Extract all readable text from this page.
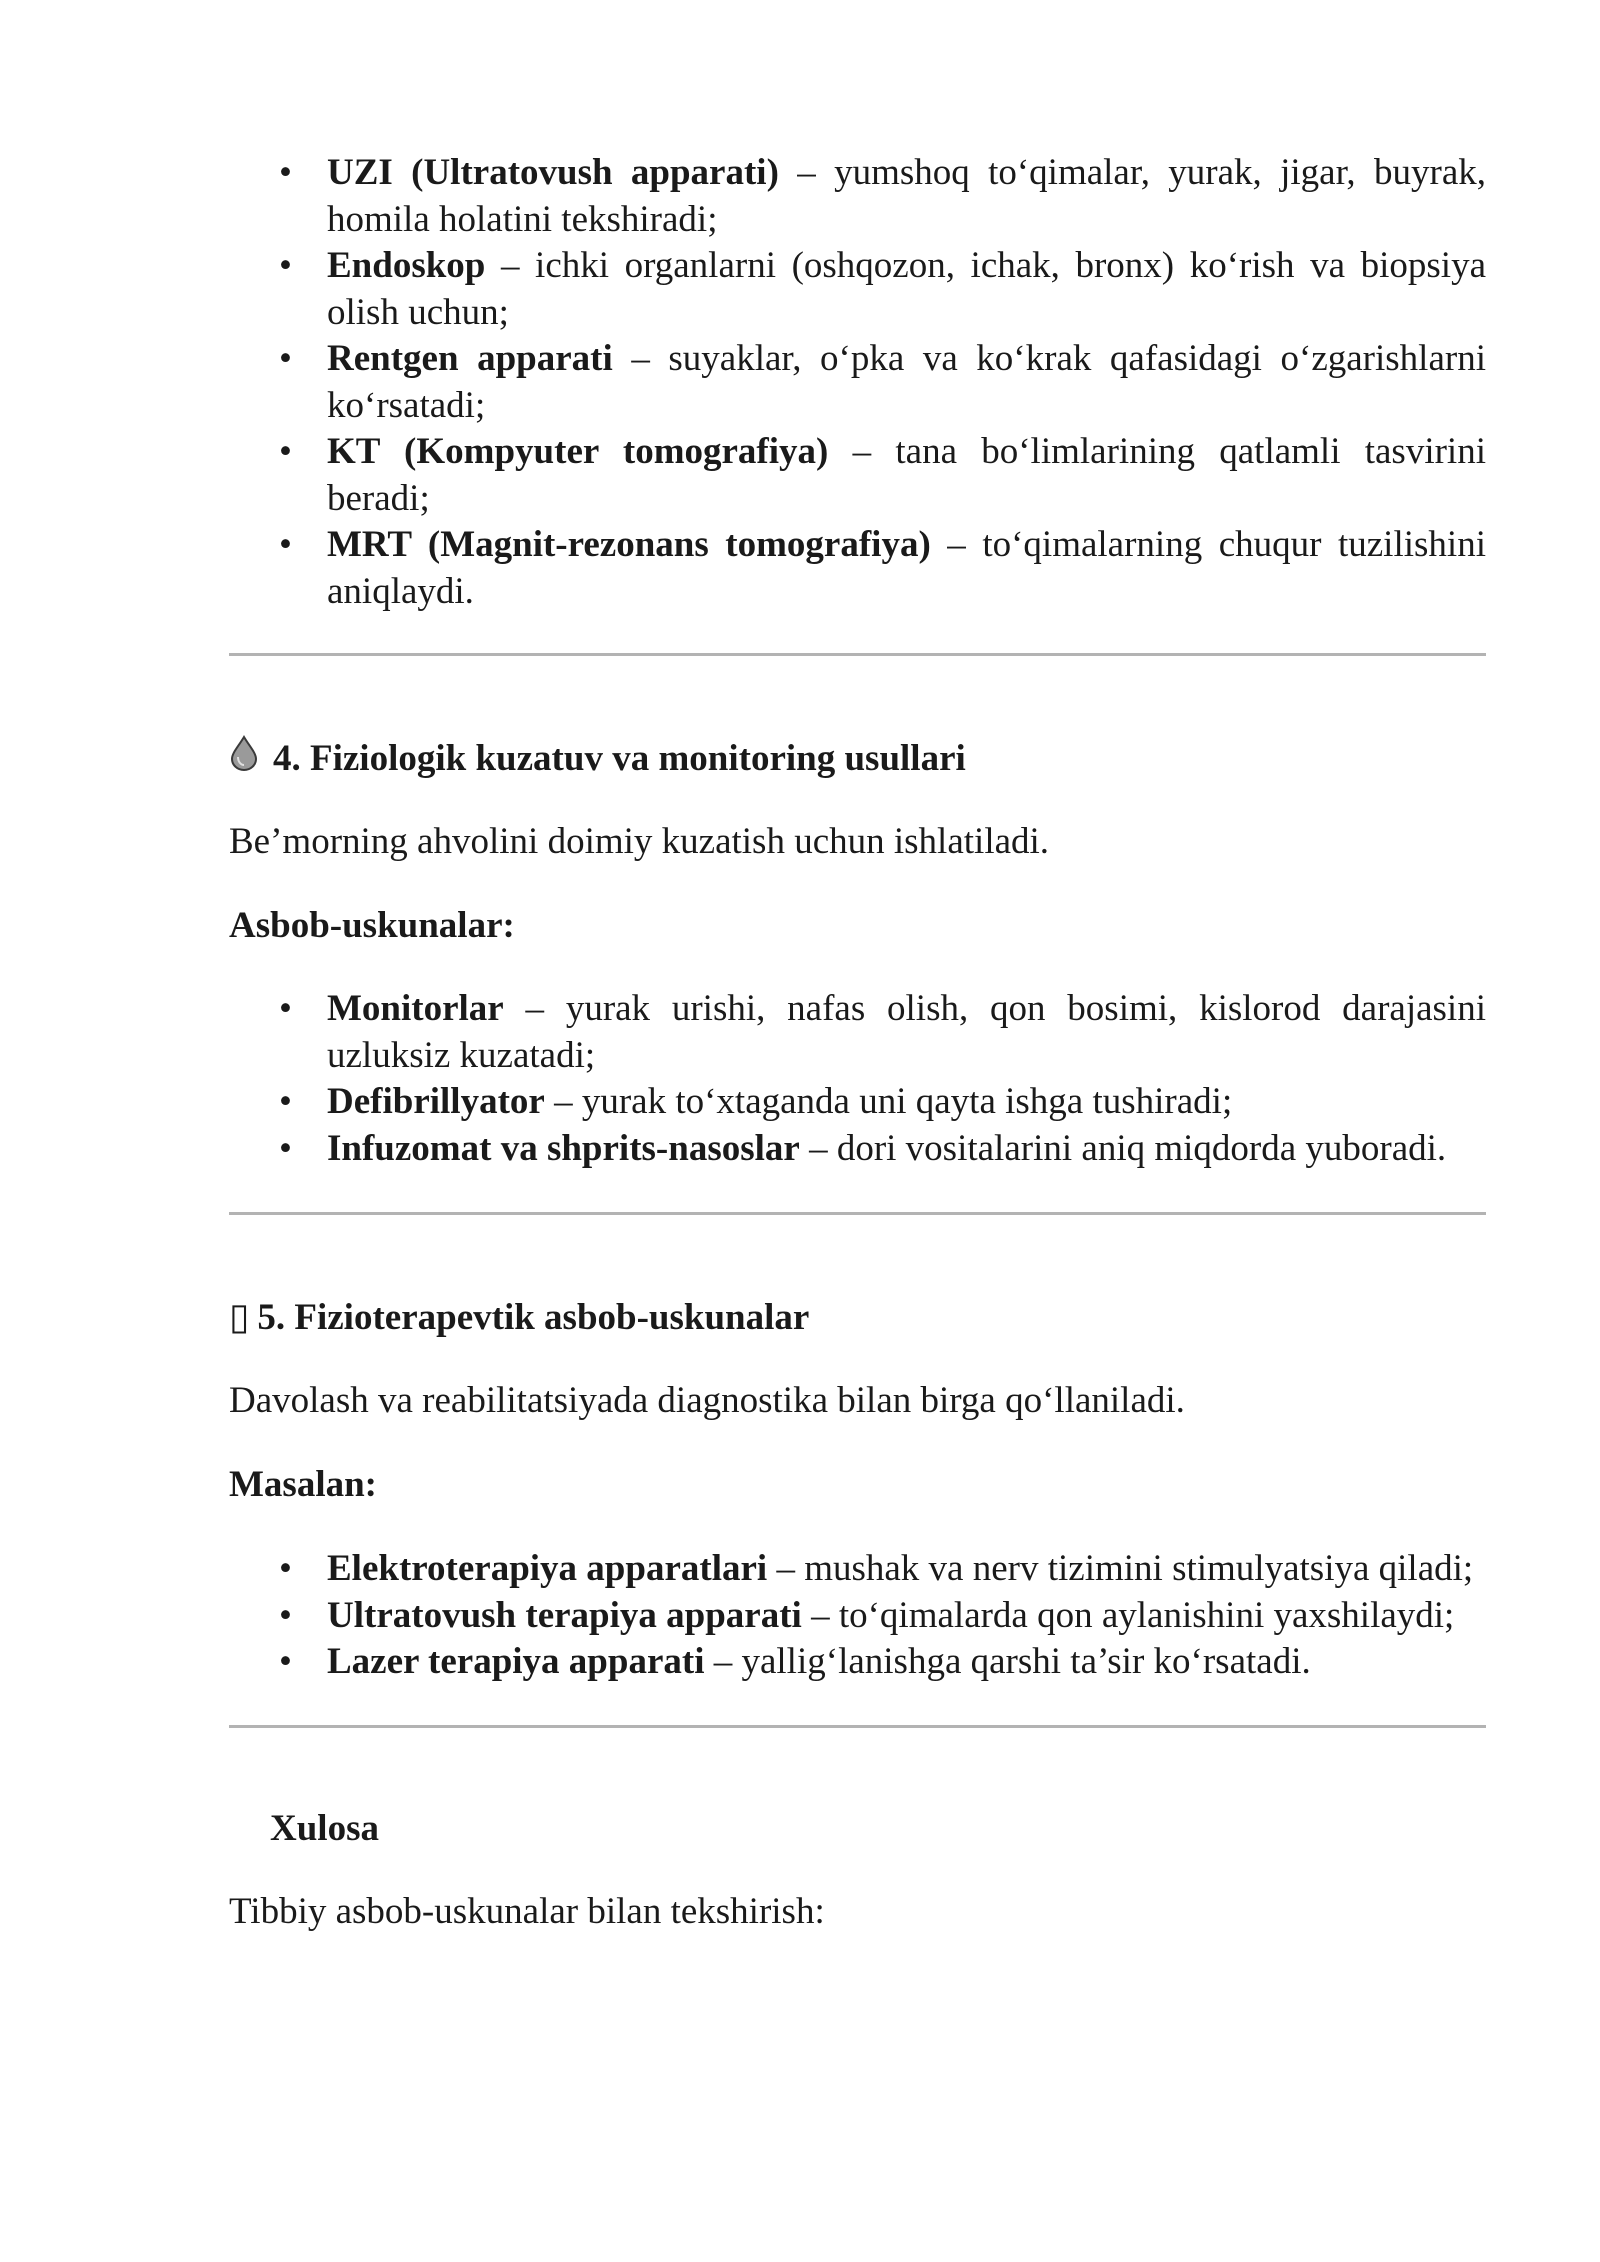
• UZI (Ultratovush apparati) – yumshoq to‘qimalar, yurak, jigar, buyrak, homila holatini tekshiradi;
• Endoskop – ichki organlarni (oshqozon, ichak, bronx) ko‘rish va biopsiya olish uchun;
• Rentgen apparati – suyaklar, o‘pka va ko‘krak qafasidagi o‘zgarishlarni ko‘rsatadi;
• KT (Kompyuter tomografiya) – tana bo‘limlarining qatlamli tasvirini beradi;
• MRT (Magnit-rezonans tomografiya) – to‘qimalarning chuqur tuzilishini aniqlaydi.
4. Fiziologik kuzatuv va monitoring usullari

Be’morning ahvolini doimiy kuzatish uchun ishlatiladi.

Asbob-uskunalar:

• Monitorlar – yurak urishi, nafas olish, qon bosimi, kislorod darajasini uzluksiz kuzatadi;
• Defibrillyator – yurak to‘xtaganda uni qayta ishga tushiradi;
• Infuzomat va shprits-nasoslar – dori vositalarini aniq miqdorda yuboradi.
▯ 5. Fizioterapevtik asbob-uskunalar

Davolash va reabilitatsiyada diagnostika bilan birga qo‘llaniladi.

Masalan:

• Elektroterapiya apparatlari – mushak va nerv tizimini stimulyatsiya qiladi;
• Ultratovush terapiya apparati – to‘qimalarda qon aylanishini yaxshilaydi;
• Lazer terapiya apparati – yallig‘lanishga qarshi ta’sir ko‘rsatadi.
Xulosa

Tibbiy asbob-uskunalar bilan tekshirish:
